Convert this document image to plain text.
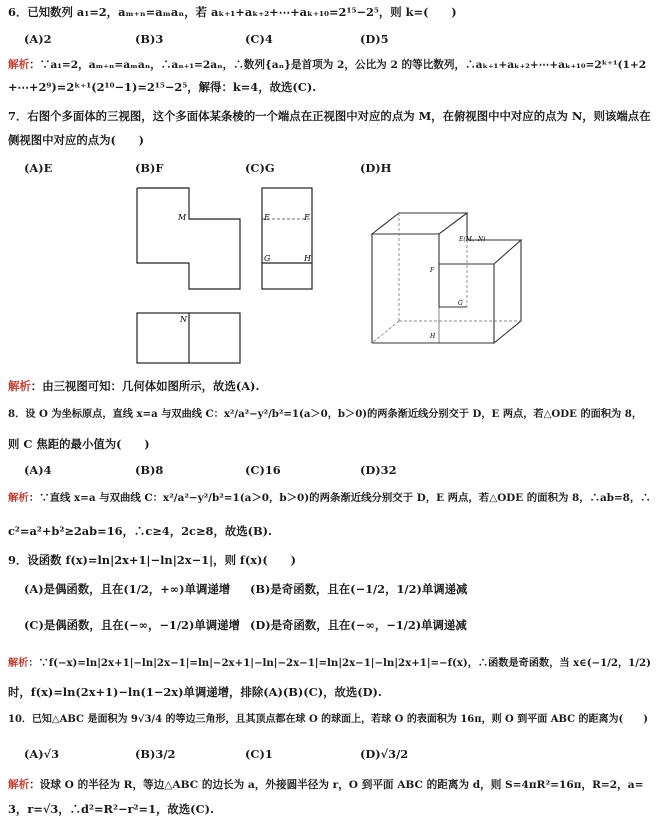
6．已知数列 a₁=2，aₘ₊ₙ=aₘaₙ，若 aₖ₊₁+aₖ₊₂+⋯+aₖ₊₁₀=2¹⁵−2⁵，则 k=(　　)
(A)2	(B)3	(C)4	(D)5
解析：∵a₁=2，aₘ₊ₙ=aₘaₙ，∴aₙ₊₁=2aₙ，∴数列{aₙ}是首项为 2，公比为 2 的等比数列，∴aₖ₊₁+aₖ₊₂+⋯+aₖ₊₁₀=2ᵏ⁺¹(1+2
+⋯+2⁹)=2ᵏ⁺¹(2¹⁰−1)=2¹⁵−2⁵，解得：k=4，故选(C).
7．右图个多面体的三视图，这个多面体某条棱的一个端点在正视图中对应的点为 M，在俯视图中中对应的点为 N，则该端点在
侧视图中对应的点为(　　)
(A)E	(B)F	(C)G	(D)H
M
N
E	F
G	H
E(M、N)
F
G
H
解析：由三视图可知：几何体如图所示，故选(A).
8．设 O 为坐标原点，直线 x=a 与双曲线 C：x²/a²−y²/b²=1(a＞0，b＞0)的两条渐近线分别交于 D，E 两点，若△ODE 的面积为 8，
则 C 焦距的最小值为(　　)
(A)4	(B)8	(C)16	(D)32
解析：∵直线 x=a 与双曲线 C：x²/a²−y²/b²=1(a＞0，b＞0)的两条渐近线分别交于 D，E 两点，若△ODE 的面积为 8，∴ab=8，∴
c²=a²+b²≥2ab=16，∴c≥4，2c≥8，故选(B).
9．设函数 f(x)=ln|2x+1|−ln|2x−1|，则 f(x)(　　)
(A)是偶函数，且在(1/2，+∞)单调递增 (B)是奇函数，且在(−1/2，1/2)单调递减
(C)是偶函数，且在(−∞，−1/2)单调递增 (D)是奇函数，且在(−∞，−1/2)单调递减
解析：∵f(−x)=ln|2x+1|−ln|2x−1|=ln|−2x+1|−ln|−2x−1|=ln|2x−1|−ln|2x+1|=−f(x)，∴函数是奇函数，当 x∈(−1/2，1/2)
时，f(x)=ln(2x+1)−ln(1−2x)单调递增，排除(A)(B)(C)，故选(D).
10．已知△ABC 是面积为 9√3/4 的等边三角形，且其顶点都在球 O 的球面上，若球 O 的表面积为 16π，则 O 到平面 ABC 的距离为(　　)
(A)√3	(B)3/2	(C)1	(D)√3/2
解析：设球 O 的半径为 R，等边△ABC 的边长为 a，外接圆半径为 r，O 到平面 ABC 的距离为 d，则 S=4πR²=16π，R=2，a=
3，r=√3，∴d²=R²−r²=1，故选(C).
